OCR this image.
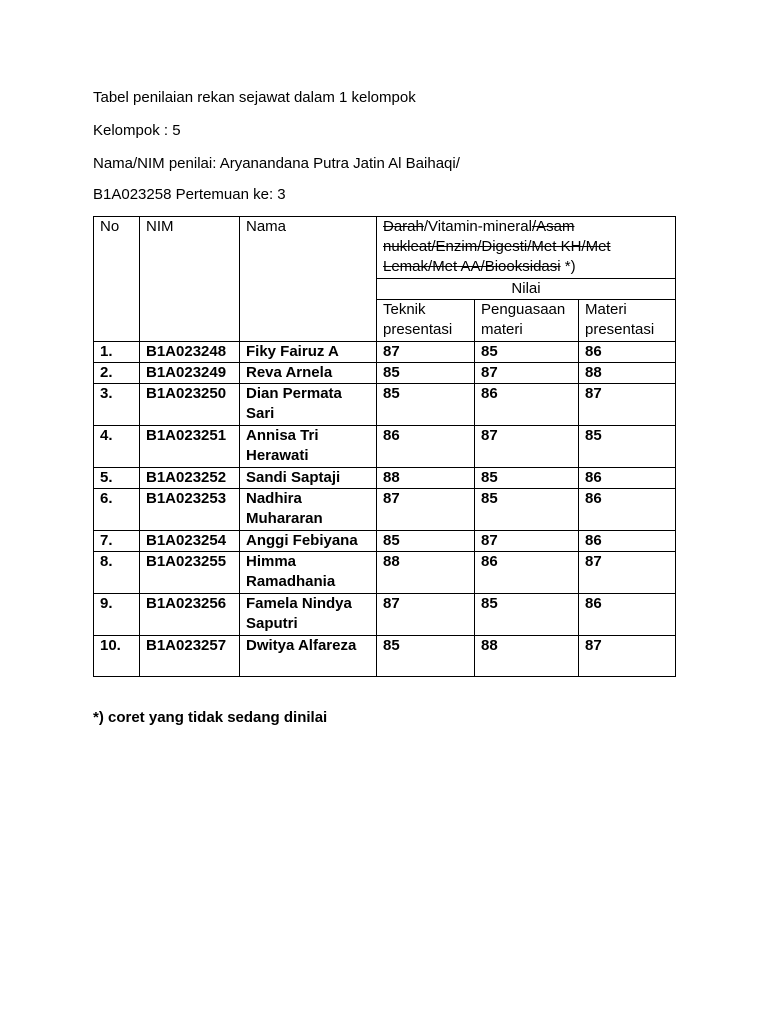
Tabel penilaian rekan sejawat dalam 1 kelompok
Kelompok : 5
Nama/NIM penilai: Aryanandana Putra Jatin Al Baihaqi/
B1A023258 Pertemuan ke: 3
No	NIM	Nama	Darah/Vitamin-mineral/Asam nukleat/Enzim/Digesti/Met KH/Met Lemak/Met AA/Biooksidasi *)		
			Nilai		
			Teknik presentasi	Penguasaan materi	Materi presentasi
1.	B1A023248	Fiky Fairuz A	87	85	86
2.	B1A023249	Reva Arnela	85	87	88
3.	B1A023250	Dian Permata Sari	85	86	87
4.	B1A023251	Annisa Tri Herawati	86	87	85
5.	B1A023252	Sandi Saptaji	88	85	86
6.	B1A023253	Nadhira Muhararan	87	85	86
7.	B1A023254	Anggi Febiyana	85	87	86
8.	B1A023255	Himma Ramadhania	88	86	87
9.	B1A023256	Famela Nindya Saputri	87	85	86
10.	B1A023257	Dwitya Alfareza	85	88	87
*) coret yang tidak sedang dinilai
